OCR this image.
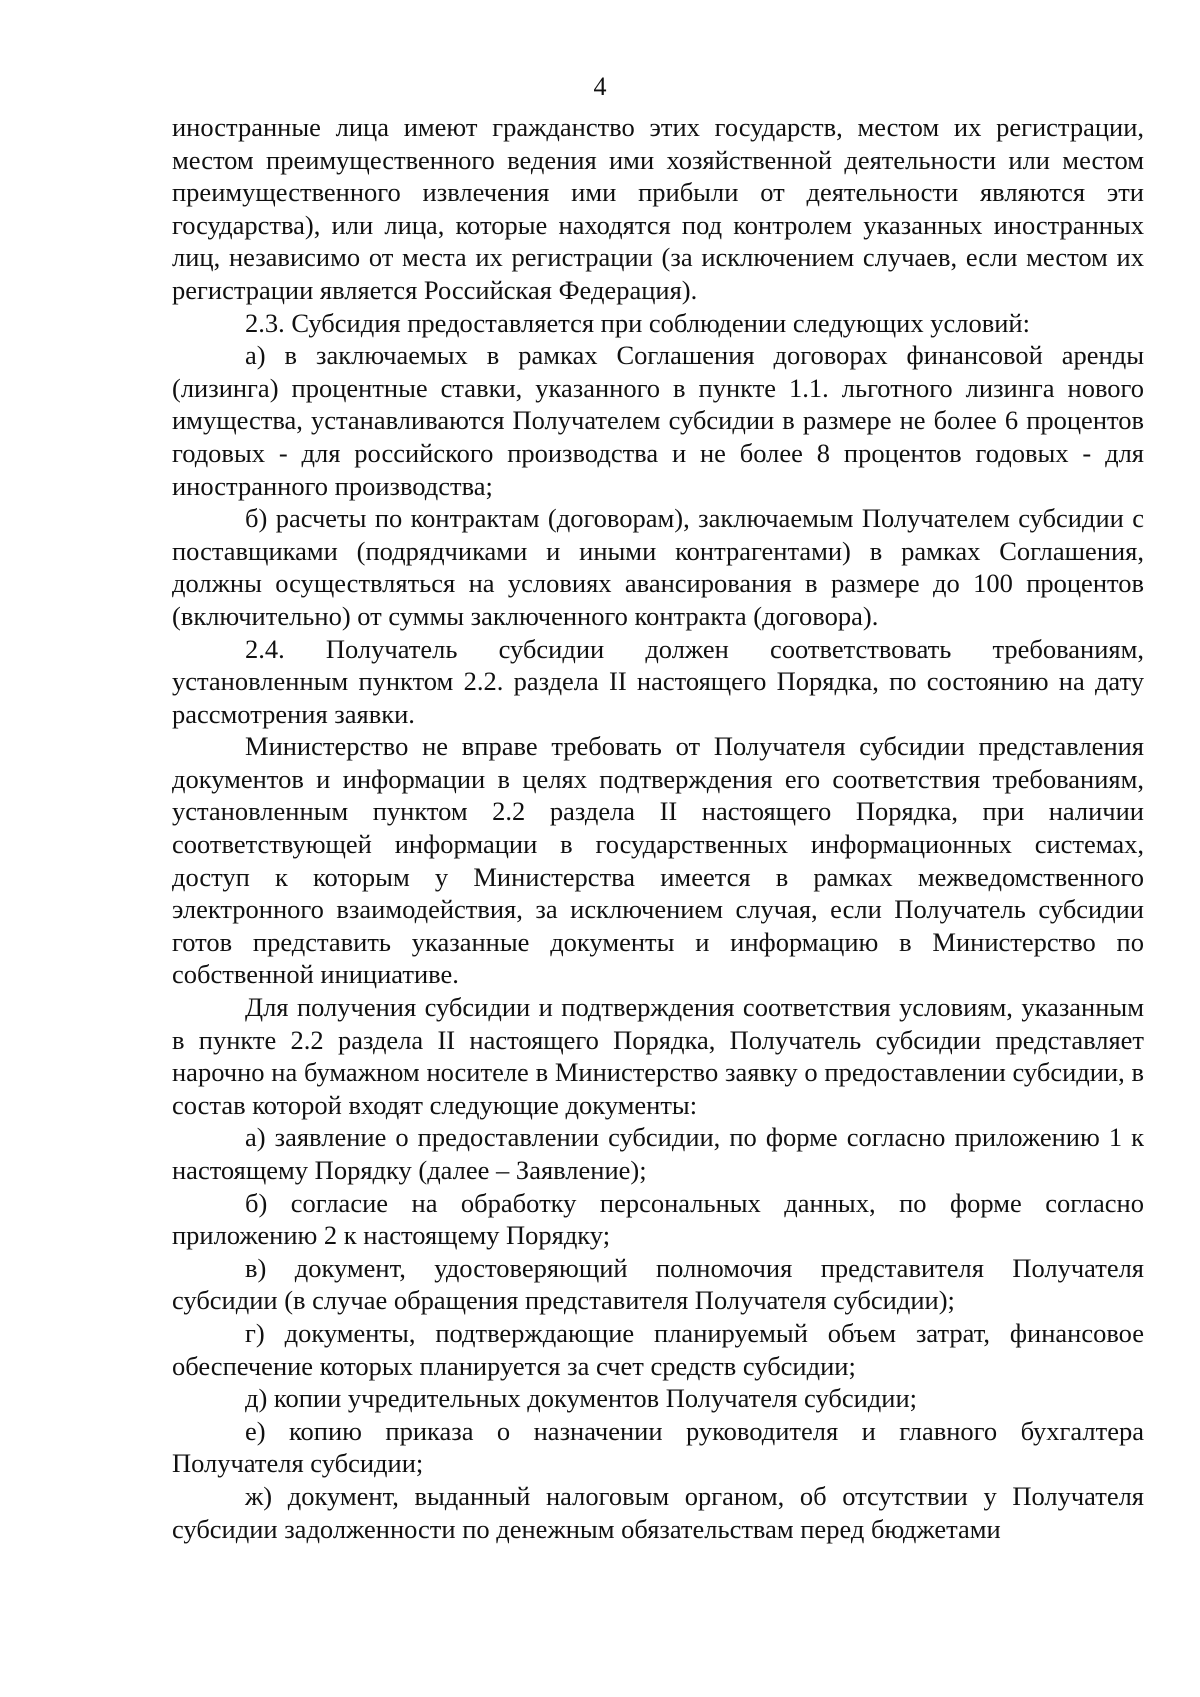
4

иностранные лица имеют гражданство этих государств, местом их регистрации, местом преимущественного ведения ими хозяйственной деятельности или местом преимущественного извлечения ими прибыли от деятельности являются эти государства), или лица, которые находятся под контролем указанных иностранных лиц, независимо от места их регистрации (за исключением случаев, если местом их регистрации является Российская Федерация).

2.3. Субсидия предоставляется при соблюдении следующих условий:

а) в заключаемых в рамках Соглашения договорах финансовой аренды (лизинга) процентные ставки, указанного в пункте 1.1. льготного лизинга нового имущества, устанавливаются Получателем субсидии в размере не более 6 процентов годовых - для российского производства и не более 8 процентов годовых - для иностранного производства;

б) расчеты по контрактам (договорам), заключаемым Получателем субсидии с поставщиками (подрядчиками и иными контрагентами) в рамках Соглашения, должны осуществляться на условиях авансирования в размере до 100 процентов (включительно) от суммы заключенного контракта (договора).

2.4. Получатель субсидии должен соответствовать требованиям, установленным пунктом 2.2. раздела II настоящего Порядка, по состоянию на дату рассмотрения заявки.

Министерство не вправе требовать от Получателя субсидии представления документов и информации в целях подтверждения его соответствия требованиям, установленным пунктом 2.2 раздела II настоящего Порядка, при наличии соответствующей информации в государственных информационных системах, доступ к которым у Министерства имеется в рамках межведомственного электронного взаимодействия, за исключением случая, если Получатель субсидии готов представить указанные документы и информацию в Министерство по собственной инициативе.

Для получения субсидии и подтверждения соответствия условиям, указанным в пункте 2.2 раздела II настоящего Порядка, Получатель субсидии представляет нарочно на бумажном носителе в Министерство заявку о предоставлении субсидии, в состав которой входят следующие документы:

а) заявление о предоставлении субсидии, по форме согласно приложению 1 к настоящему Порядку (далее – Заявление);

б) согласие на обработку персональных данных, по форме согласно приложению 2 к настоящему Порядку;

в) документ, удостоверяющий полномочия представителя Получателя субсидии (в случае обращения представителя Получателя субсидии);

г) документы, подтверждающие планируемый объем затрат, финансовое обеспечение которых планируется за счет средств субсидии;

д) копии учредительных документов Получателя субсидии;

е) копию приказа о назначении руководителя и главного бухгалтера Получателя субсидии;

ж) документ, выданный налоговым органом, об отсутствии у Получателя субсидии задолженности по денежным обязательствам перед бюджетами
